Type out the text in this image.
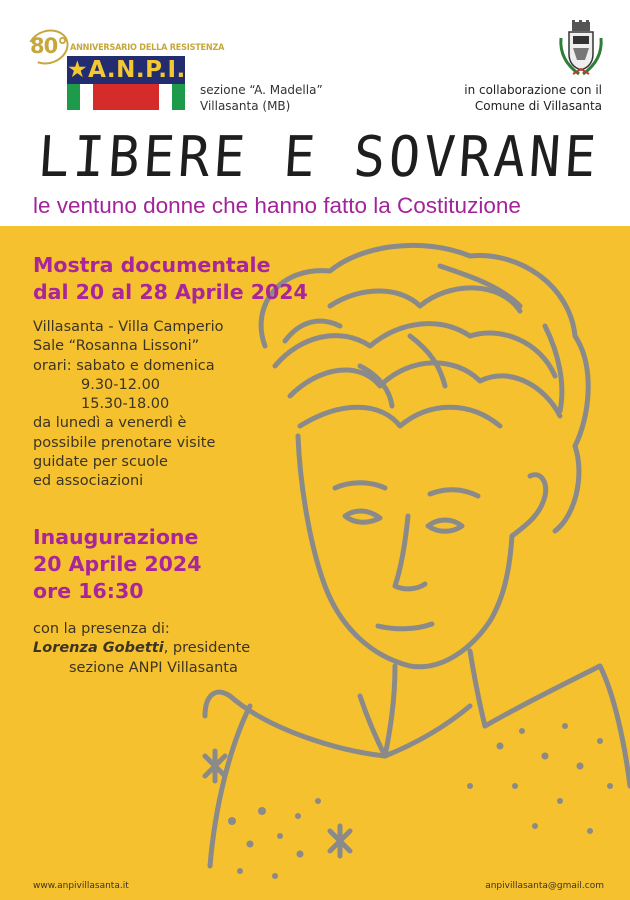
80° ANNIVERSARIO DELLA RESISTENZA
★A.N.P.I.
sezione “A. Madella”
Villasanta (MB)
in collaborazione con il
Comune di Villasanta
LIBERE E SOVRANE
le ventuno donne che hanno fatto la Costituzione
Mostra documentale
dal 20 al 28 Aprile 2024
Villasanta - Villa Camperio
Sale “Rosanna Lissoni”
orari: sabato e domenica
9.30-12.00
15.30-18.00
da lunedì a venerdì è
possibile prenotare visite
guidate per scuole
ed associazioni
Inaugurazione
20 Aprile 2024
ore 16:30
con la presenza di:
Lorenza Gobetti, presidente
sezione ANPI Villasanta
www.anpivillasanta.it	anpivillasanta@gmail.com
